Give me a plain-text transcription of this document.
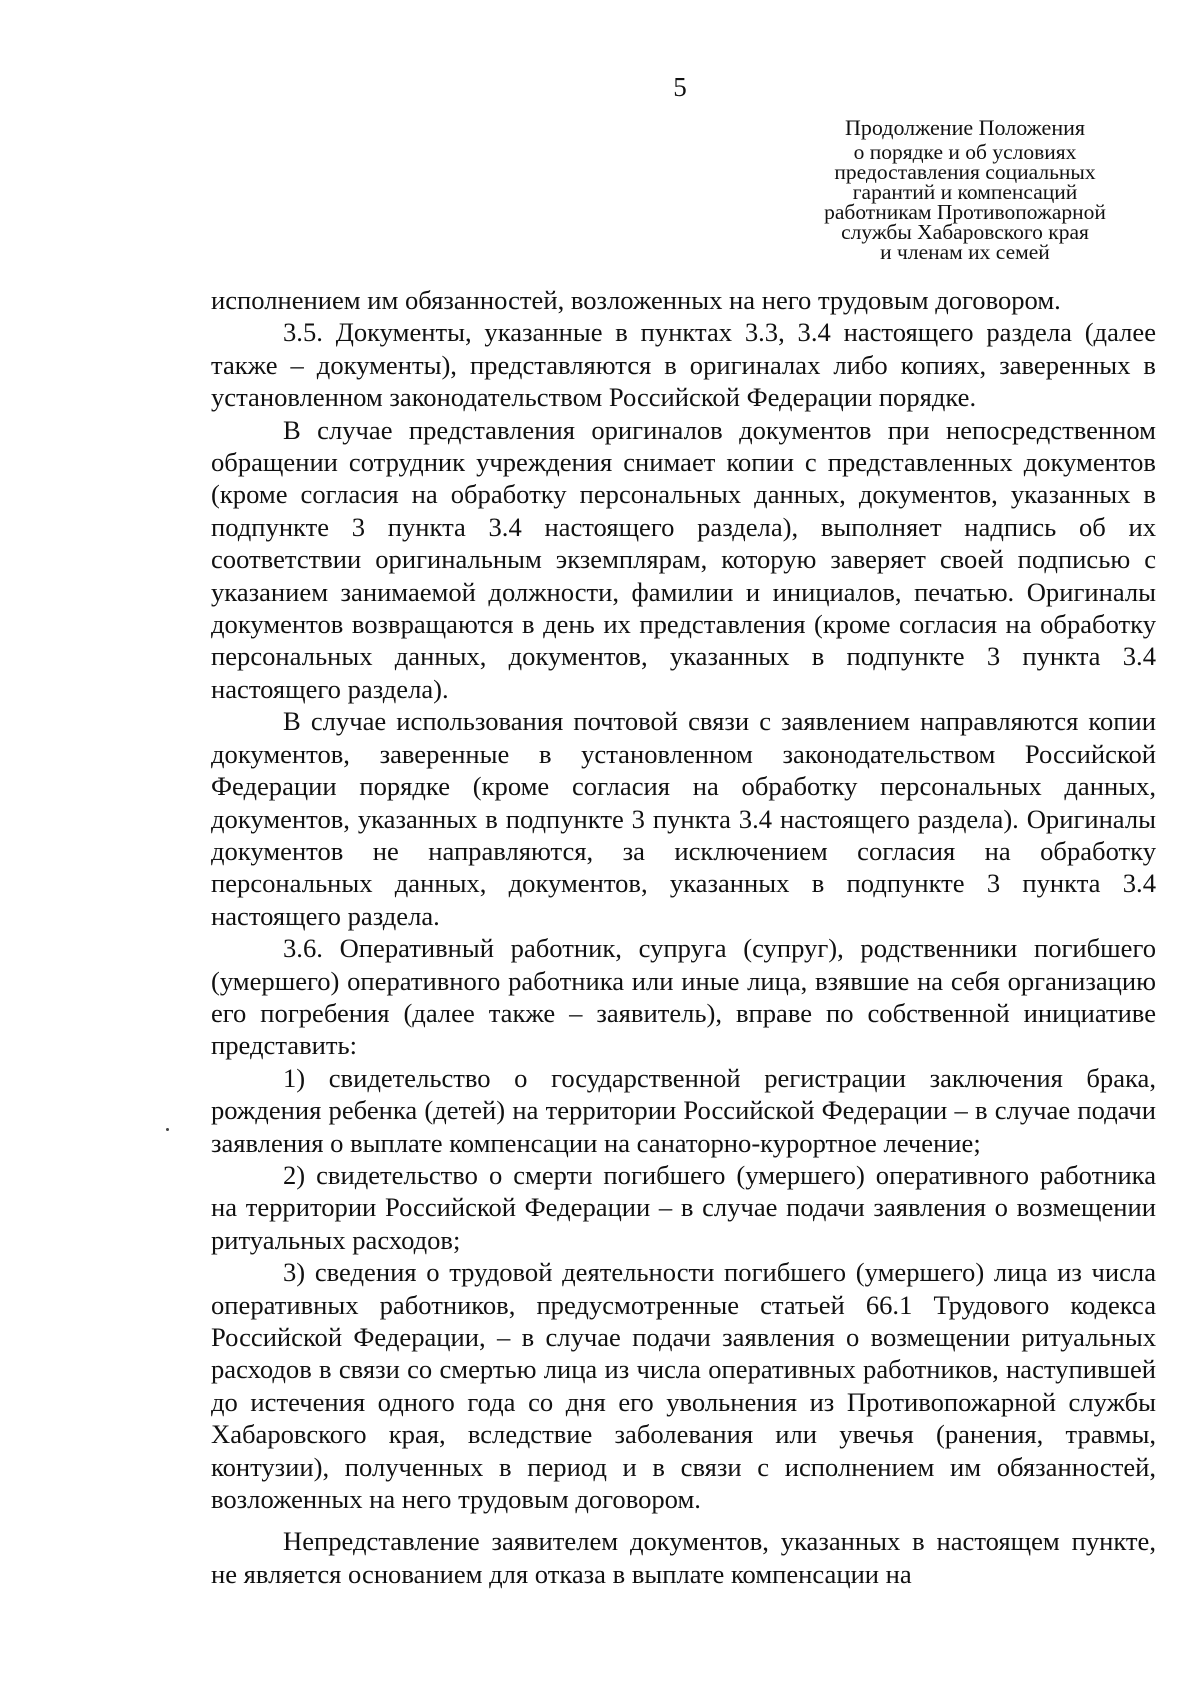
5
Продолжение Положения
о порядке и об условиях
предоставления социальных
гарантий и компенсаций
работникам Противопожарной
службы Хабаровского края
и членам их семей

исполнением им обязанностей, возложенных на него трудовым договором.

3.5. Документы, указанные в пунктах 3.3, 3.4 настоящего раздела (далее также – документы), представляются в оригиналах либо копиях, заверенных в установленном законодательством Российской Федерации порядке.

В случае представления оригиналов документов при непосредственном обращении сотрудник учреждения снимает копии с представленных документов (кроме согласия на обработку персональных данных, документов, указанных в подпункте 3 пункта 3.4 настоящего раздела), выполняет надпись об их соответствии оригинальным экземплярам, которую заверяет своей подписью с указанием занимаемой должности, фамилии и инициалов, печатью. Оригиналы документов возвращаются в день их представления (кроме согласия на обработку персональных данных, документов, указанных в подпункте 3 пункта 3.4 настоящего раздела).

В случае использования почтовой связи с заявлением направляются копии документов, заверенные в установленном законодательством Российской Федерации порядке (кроме согласия на обработку персональных данных, документов, указанных в подпункте 3 пункта 3.4 настоящего раздела). Оригиналы документов не направляются, за исключением согласия на обработку персональных данных, документов, указанных в подпункте 3 пункта 3.4 настоящего раздела.

3.6. Оперативный работник, супруга (супруг), родственники погибшего (умершего) оперативного работника или иные лица, взявшие на себя организацию его погребения (далее также – заявитель), вправе по собственной инициативе представить:

1) свидетельство о государственной регистрации заключения брака, рождения ребенка (детей) на территории Российской Федерации – в случае подачи заявления о выплате компенсации на санаторно-курортное лечение;

2) свидетельство о смерти погибшего (умершего) оперативного работника на территории Российской Федерации – в случае подачи заявления о возмещении ритуальных расходов;

3) сведения о трудовой деятельности погибшего (умершего) лица из числа оперативных работников, предусмотренные статьей 66.1 Трудового кодекса Российской Федерации, – в случае подачи заявления о возмещении ритуальных расходов в связи со смертью лица из числа оперативных работников, наступившей до истечения одного года со дня его увольнения из Противопожарной службы Хабаровского края, вследствие заболевания или увечья (ранения, травмы, контузии), полученных в период и в связи с исполнением им обязанностей, возложенных на него трудовым договором.

Непредставление заявителем документов, указанных в настоящем пункте, не является основанием для отказа в выплате компенсации на
